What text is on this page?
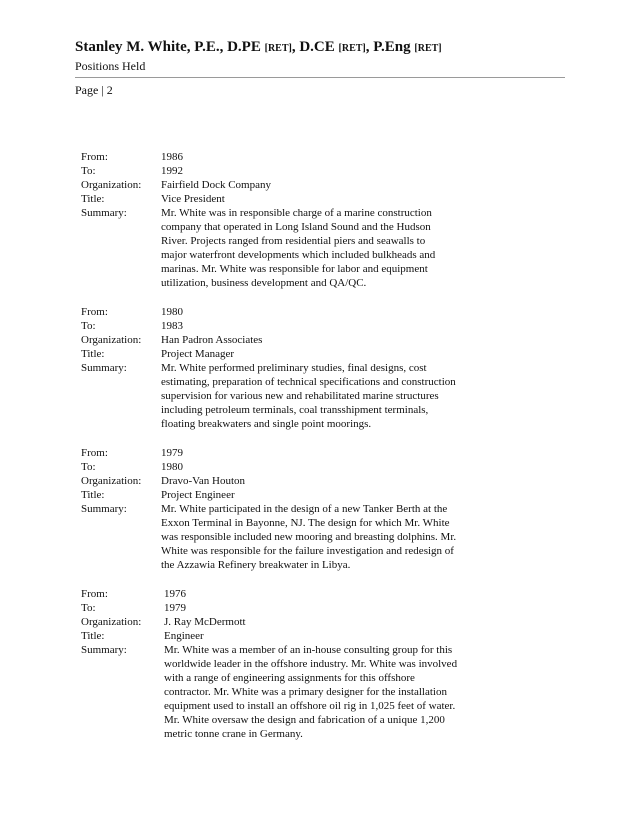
Stanley M. White, P.E., D.PE [RET], D.CE [RET], P.Eng [RET]
Positions Held
Page | 2
From:	1986
To:	1992
Organization:	Fairfield Dock Company
Title:	Vice President
Summary:	Mr. White was in responsible charge of a marine construction
company that operated in Long Island Sound and the Hudson
River. Projects ranged from residential piers and seawalls to
major waterfront developments which included bulkheads and
marinas. Mr. White was responsible for labor and equipment
utilization, business development and QA/QC.
From:	1980
To:	1983
Organization:	Han Padron Associates
Title:	Project Manager
Summary:	Mr. White performed preliminary studies, final designs, cost
estimating, preparation of technical specifications and construction
supervision for various new and rehabilitated marine structures
including petroleum terminals, coal transshipment terminals,
floating breakwaters and single point moorings.
From:	1979
To:	1980
Organization:	Dravo-Van Houton
Title:	Project Engineer
Summary:	Mr. White participated in the design of a new Tanker Berth at the
Exxon Terminal in Bayonne, NJ. The design for which Mr. White
was responsible included new mooring and breasting dolphins. Mr.
White was responsible for the failure investigation and redesign of
the Azzawia Refinery breakwater in Libya.
From:	1976
To:	1979
Organization:	J. Ray McDermott
Title:	Engineer
Summary:	Mr. White was a member of an in-house consulting group for this
worldwide leader in the offshore industry. Mr. White was involved
with a range of engineering assignments for this offshore
contractor. Mr. White was a primary designer for the installation
equipment used to install an offshore oil rig in 1,025 feet of water.
Mr. White oversaw the design and fabrication of a unique 1,200
metric tonne crane in Germany.
